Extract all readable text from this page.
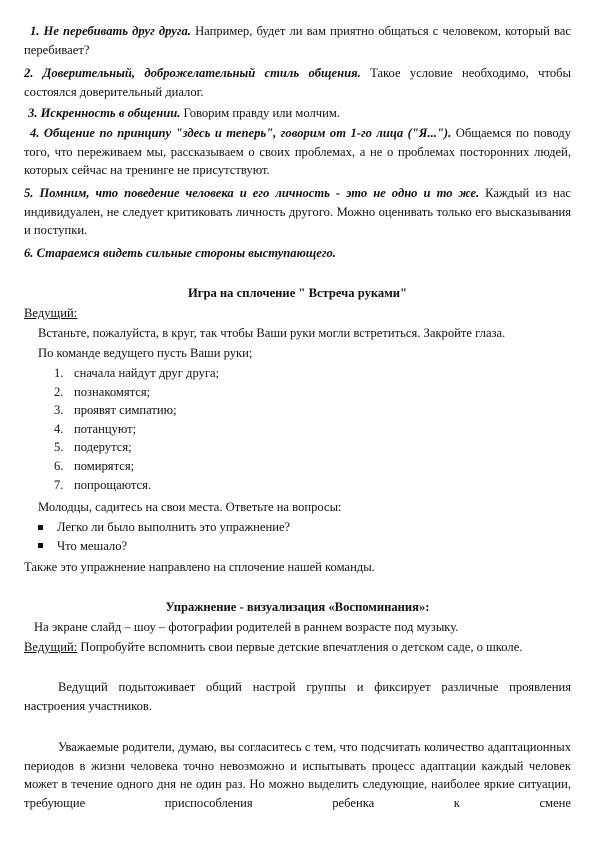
1. Не перебивать друг друга. Например, будет ли вам приятно общаться с человеком, который вас перебивает?

2. Доверительный, доброжелательный стиль общения. Такое условие необходимо, чтобы состоялся доверительный диалог.

3. Искренность в общении. Говорим правду или молчим.

4. Общение по принципу "здесь и теперь", говорим от 1-го лица ("Я..."). Общаемся по поводу того, что переживаем мы, рассказываем о своих проблемах, а не о проблемах посторонних людей, которых сейчас на тренинге не присутствуют.

5. Помним, что поведение человека и его личность - это не одно и то же. Каждый из нас индивидуален, не следует критиковать личность другого. Можно оценивать только его высказывания и поступки.

6. Стараемся видеть сильные стороны выступающего.

Игра на сплочение " Встреча руками"

Ведущий:

Встаньте, пожалуйста, в круг, так чтобы Ваши руки могли встретиться. Закройте глаза.

По команде ведущего пусть Ваши руки;

1. сначала найдут друг друга;
2. познакомятся;
3. проявят симпатию;
4. потанцуют;
5. подерутся;
6. помирятся;
7. попрощаются.

Молодцы, садитесь на свои места. Ответьте на вопросы:

Легко ли было выполнить это упражнение?
Что мешало?

Также это упражнение направлено на сплочение нашей команды.

Упражнение - визуализация «Воспоминания»:

На экране слайд – шоу – фотографии родителей в раннем возрасте под музыку.

Ведущий: Попробуйте вспомнить свои первые детские впечатления о детском саде, о школе.

Ведущий подытоживает общий настрой группы и фиксирует различные проявления настроения участников.

Уважаемые родители, думаю, вы согласитесь с тем, что подсчитать количество адаптационных периодов в жизни человека точно невозможно и испытывать процесс адаптации каждый человек может в течение одного дня не один раз. Но можно выделить следующие, наиболее яркие ситуации, требующие приспособления ребенка к смене
